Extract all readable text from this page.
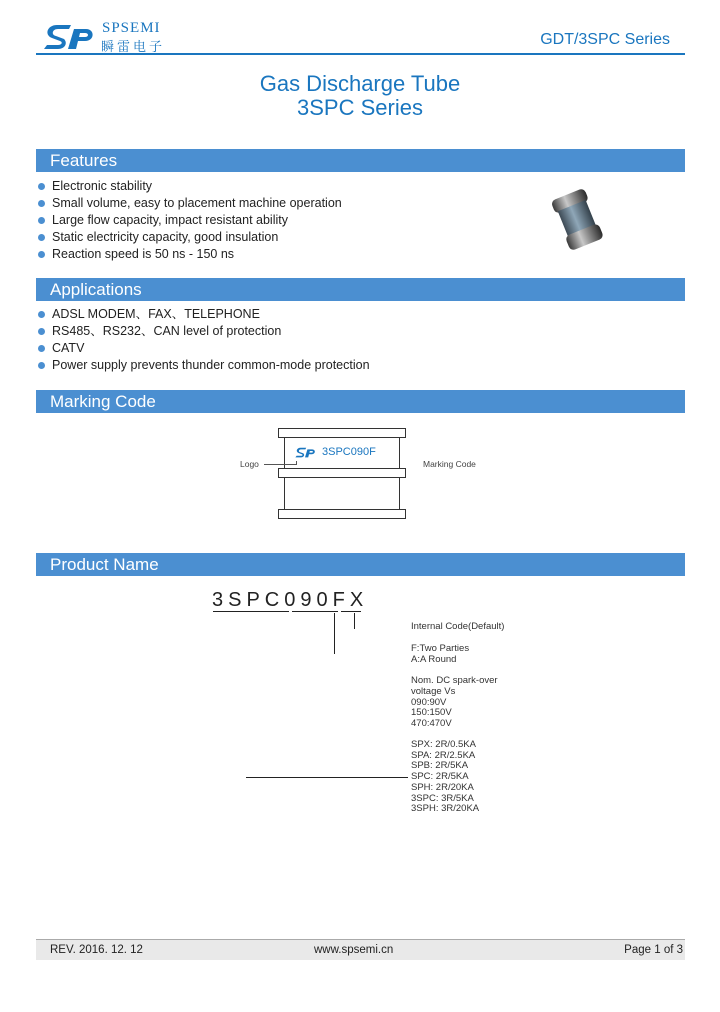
SPSEMI
瞬雷电子	GDT/3SPC Series
Gas Discharge Tube
3SPC Series
Features
Electronic stability
Small volume, easy to placement machine operation
Large flow capacity, impact resistant ability
Static electricity capacity, good insulation
Reaction speed is 50 ns - 150 ns
Applications
ADSL MODEM、FAX、TELEPHONE
RS485、RS232、CAN level of protection
CATV
Power supply prevents thunder common-mode protection
Marking Code
3SPC090F
Logo	Marking Code
Product Name
3SPC090FX
Internal Code(Default)
F:Two Parties
A:A Round
Nom. DC spark-over
voltage Vs
090:90V
150:150V
470:470V
SPX: 2R/0.5KA
SPA: 2R/2.5KA
SPB: 2R/5KA
SPC: 2R/5KA
SPH: 2R/20KA
3SPC: 3R/5KA
3SPH: 3R/20KA
REV. 2016. 12. 12	www.spsemi.cn	Page 1 of 3
